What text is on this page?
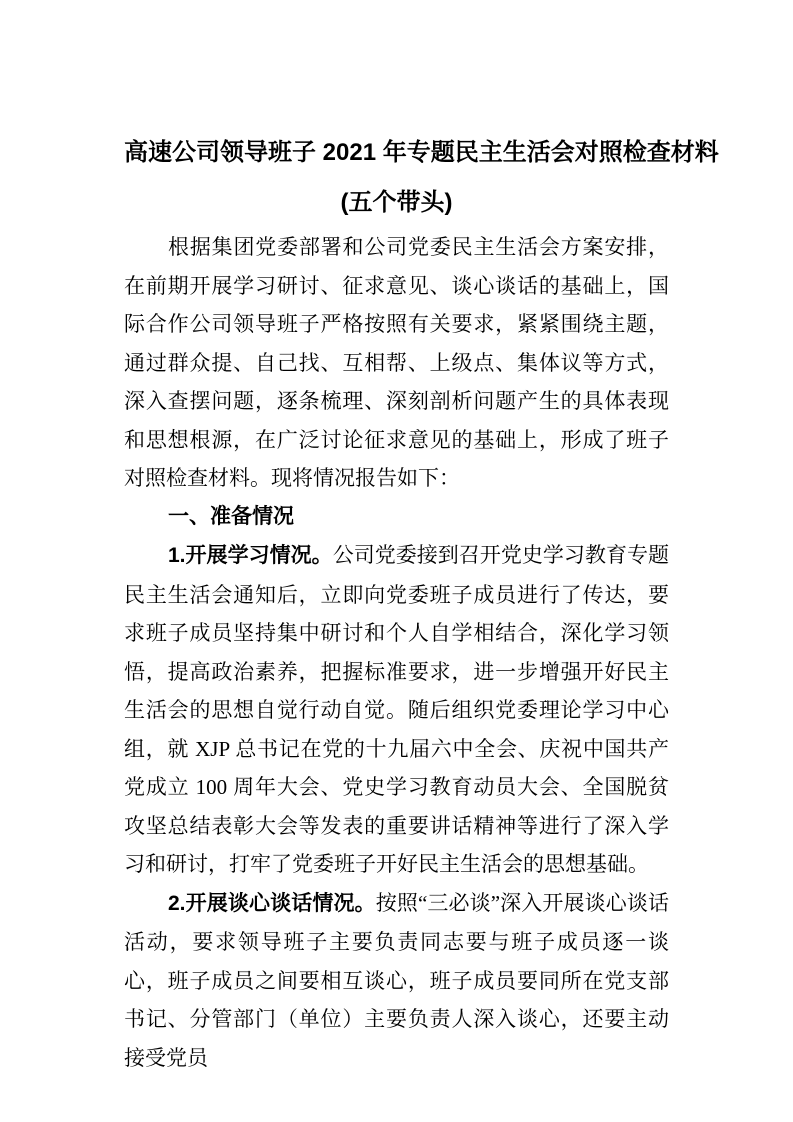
高速公司领导班子 2021 年专题民主生活会对照检查材料
(五个带头)

根据集团党委部署和公司党委民主生活会方案安排，在前期开展学习研讨、征求意见、谈心谈话的基础上，国际合作公司领导班子严格按照有关要求，紧紧围绕主题，通过群众提、自己找、互相帮、上级点、集体议等方式，深入查摆问题，逐条梳理、深刻剖析问题产生的具体表现和思想根源，在广泛讨论征求意见的基础上，形成了班子对照检查材料。现将情况报告如下：

一、准备情况

1.开展学习情况。公司党委接到召开党史学习教育专题民主生活会通知后，立即向党委班子成员进行了传达，要求班子成员坚持集中研讨和个人自学相结合，深化学习领悟，提高政治素养，把握标准要求，进一步增强开好民主生活会的思想自觉行动自觉。随后组织党委理论学习中心组，就 XJP 总书记在党的十九届六中全会、庆祝中国共产党成立 100 周年大会、党史学习教育动员大会、全国脱贫攻坚总结表彰大会等发表的重要讲话精神等进行了深入学习和研讨，打牢了党委班子开好民主生活会的思想基础。

2.开展谈心谈话情况。按照“三必谈”深入开展谈心谈话活动，要求领导班子主要负责同志要与班子成员逐一谈心，班子成员之间要相互谈心，班子成员要同所在党支部书记、分管部门（单位）主要负责人深入谈心，还要主动接受党员
